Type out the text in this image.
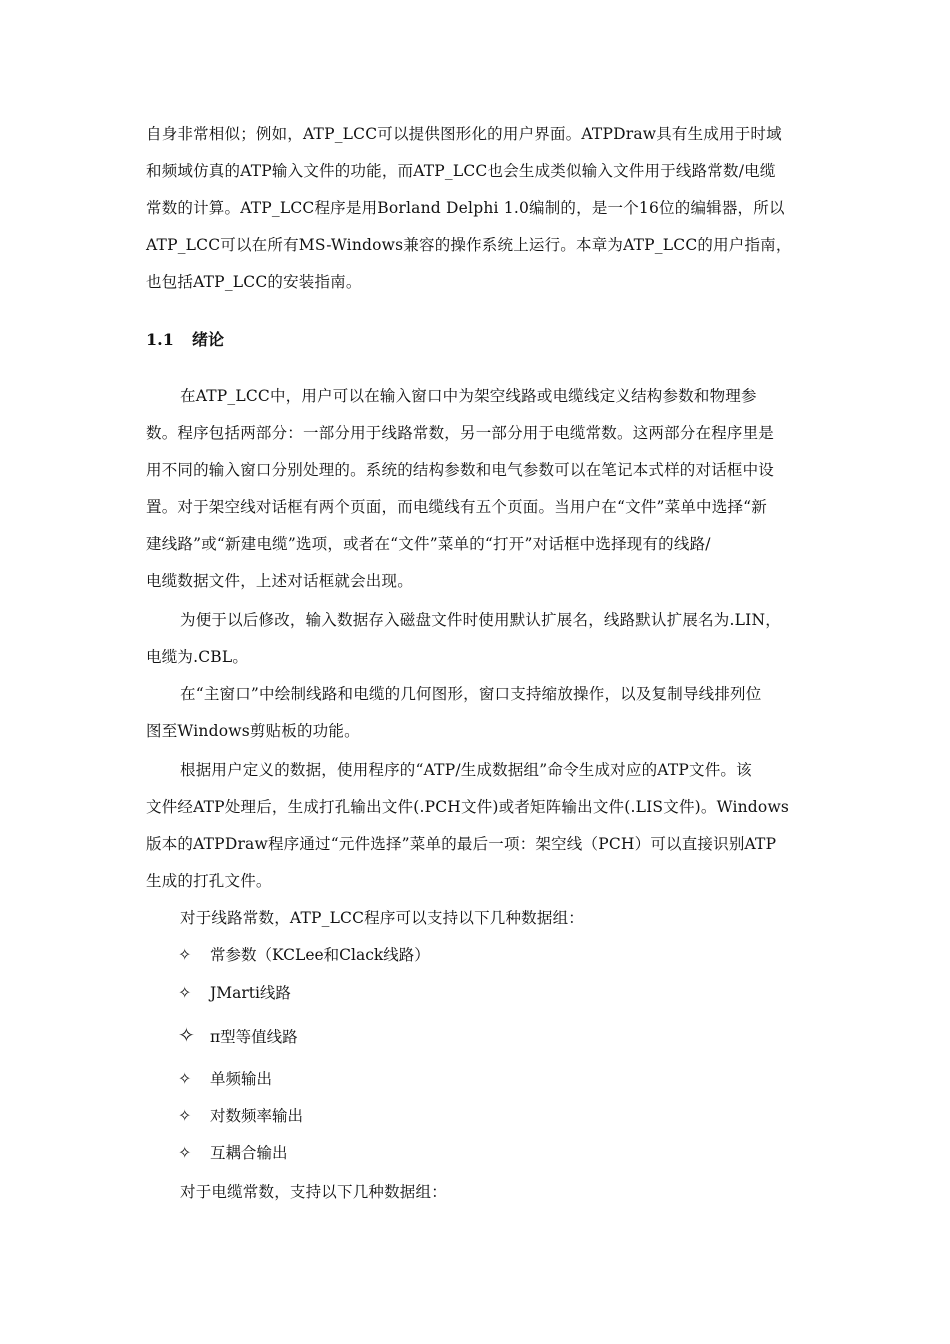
自身非常相似；例如，ATP_LCC可以提供图形化的用户界面。ATPDraw具有生成用于时域
和频域仿真的ATP输入文件的功能，而ATP_LCC也会生成类似输入文件用于线路常数/电缆
常数的计算。ATP_LCC程序是用Borland Delphi 1.0编制的，是一个16位的编辑器，所以
ATP_LCC可以在所有MS-Windows兼容的操作系统上运行。本章为ATP_LCC的用户指南，
也包括ATP_LCC的安装指南。
1.1 绪论
在ATP_LCC中，用户可以在输入窗口中为架空线路或电缆线定义结构参数和物理参
数。程序包括两部分：一部分用于线路常数，另一部分用于电缆常数。这两部分在程序里是
用不同的输入窗口分别处理的。系统的结构参数和电气参数可以在笔记本式样的对话框中设
置。对于架空线对话框有两个页面，而电缆线有五个页面。当用户在“文件”菜单中选择“新
建线路”或“新建电缆”选项，或者在“文件”菜单的“打开”对话框中选择现有的线路/
电缆数据文件，上述对话框就会出现。
为便于以后修改，输入数据存入磁盘文件时使用默认扩展名，线路默认扩展名为.LIN，
电缆为.CBL。
在“主窗口”中绘制线路和电缆的几何图形，窗口支持缩放操作，以及复制导线排列位
图至Windows剪贴板的功能。
根据用户定义的数据，使用程序的“ATP/生成数据组”命令生成对应的ATP文件。该
文件经ATP处理后，生成打孔输出文件(.PCH文件)或者矩阵输出文件(.LIS文件)。Windows
版本的ATPDraw程序通过“元件选择”菜单的最后一项：架空线（PCH）可以直接识别ATP
生成的打孔文件。
对于线路常数，ATP_LCC程序可以支持以下几种数据组：
✧ 常参数（KCLee和Clack线路）
✧ JMarti线路
✧ π型等值线路
✧ 单频输出
✧ 对数频率输出
✧ 互耦合输出
对于电缆常数，支持以下几种数据组：
